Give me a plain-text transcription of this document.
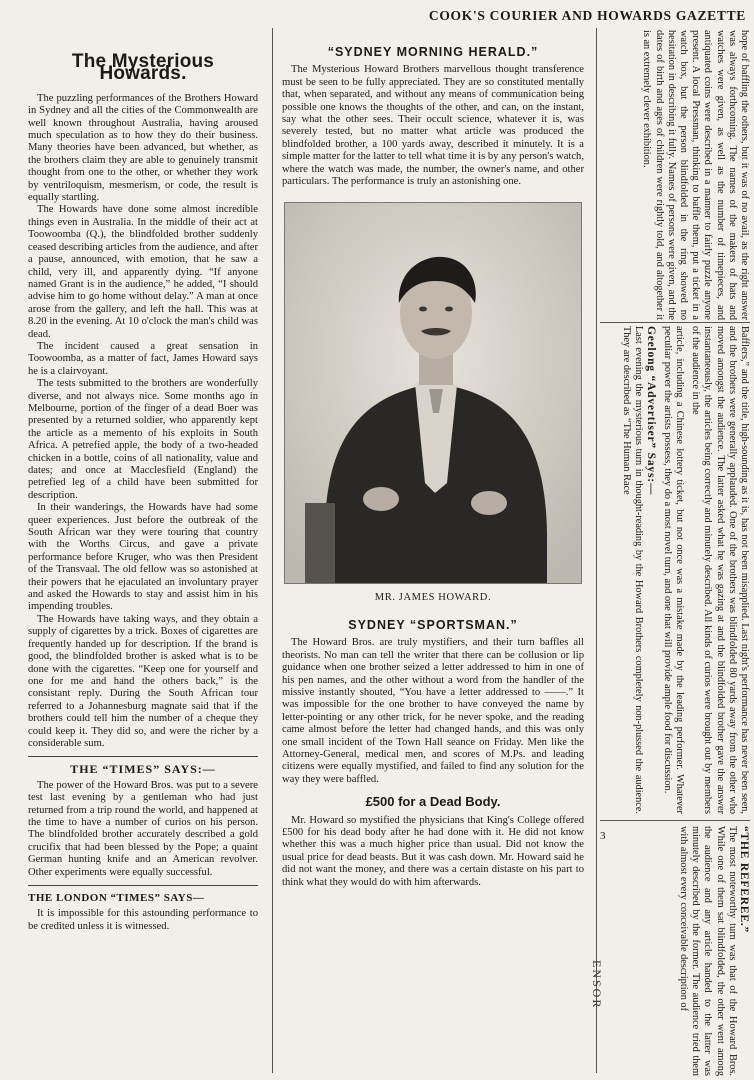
COOK'S COURIER AND HOWARDS GAZETTE
The Mysterious Howards.

The puzzling performances of the Brothers Howard in Sydney and all the cities of the Commonwealth are well known throughout Australia, having aroused much speculation as to how they do their business. Many theories have been advanced, but whether, as the brothers claim they are able to genuinely transmit thought from one to the other, or whether they work by ventriloquism, mesmerism, or code, the result is equally startling.

The Howards have done some almost incredible things even in Australia. In the middle of their act at Toowoomba (Q.), the blindfolded brother suddenly ceased describing articles from the audience, and after a pause, announced, with emotion, that he saw a child, very ill, and apparently dying. “If anyone named Grant is in the audience,” he added, “I should advise him to go home without delay.” A man at once arose from the gallery, and left the hall. This was at 8.20 in the evening. At 10 o'clock the man's child was dead.

The incident caused a great sensation in Toowoomba, as a matter of fact, James Howard says he is a clairvoyant.

The tests submitted to the brothers are wonderfully diverse, and not always nice. Some months ago in Melbourne, portion of the finger of a dead Boer was presented by a returned soldier, who apparently kept the article as a memento of his exploits in South Africa. A petrefied apple, the body of a two-headed chicken in a bottle, coins of all nationality, value and dates; and once at Macclesfield (England) the petrefied leg of a child have been submitted for description.

In their wanderings, the Howards have had some queer experiences. Just before the outbreak of the South African war they were touring that country with the Worths Circus, and gave a private performance before Kruger, who was then President of the Transvaal. The old fellow was so astonished at their powers that he ejaculated an involuntary prayer and asked the Howards to stay and assist him in his impending troubles.

The Howards have taking ways, and they obtain a supply of cigarettes by a trick. Boxes of cigarettes are frequently handed up for description. If the brand is good, the blindfolded brother is asked what is to be done with the cigarettes. “Keep one for yourself and one for me and hand the others back,” is the consistant reply. During the South African tour referred to a Johannesburg magnate said that if the brothers could tell him the number of a cheque they could keep it. They did so, and were the richer by a considerable sum.

THE “TIMES” SAYS:—

The power of the Howard Bros. was put to a severe test last evening by a gentleman who had just returned from a trip round the world, and happened at the time to have a number of curios on his person. The blindfolded brother accurately described a gold crucifix that had been blessed by the Pope; a quaint German hunting knife and an American revolver. Other experiments were equally successful.

THE LONDON “TIMES” SAYS—

It is impossible for this astounding performance to be credited unless it is witnessed.

“SYDNEY MORNING HERALD.”

The Mysterious Howard Brothers marvellous thought transference must be seen to be fully appreciated. They are so constituted mentally that, when separated, and without any means of communication being possible one knows the thoughts of the other, and can, on the instant, say what the other sees. Their occult science, whatever it is, was severely tested, but no matter what article was produced the blindfolded brother, a 100 yards away, described it minutely. It is a simple matter for the latter to tell what time it is by any person's watch, where the watch was made, the number, the owner's name, and other particulars. The performance is truly an astonishing one.

MR. JAMES HOWARD.
SYDNEY “SPORTSMAN.”

The Howard Bros. are truly mystifiers, and their turn baffles all theorists. No man can tell the writer that there can be collusion or lip guidance when one brother seized a letter addressed to him in one of his pen names, and the other without a word from the handler of the missive instantly shouted, “You have a letter addressed to ——.” It was impossible for the one brother to have conveyed the name by letter-pointing or any other trick, for he never spoke, and the reading came almost before the letter had changed hands, and this was only one small incident of the Town Hall seance on Friday. Men like the Attorney-General, medical men, and scores of M.Ps. and leading citizens were equally mystified, and failed to find any solution for the way they were baffled.

£500 for a Dead Body.

Mr. Howard so mystified the physicians that King's College offered £500 for his dead body after he had done with it. He did not know whether this was a much higher price than usual. Did not know the usual price for dead beasts. But it was cash down. Mr. Howard said he did not want the money, and there was a certain distaste on his part to think what they would do with him afterwards.

hope of baffling the others, but it was of no avail, as the right answer was always forthcoming. The names of the makers of hats and watches were given, as well as the number of timepieces, and antiquated coins were described in a manner to fairly puzzle anyone present. A local Pressman, thinking to baffle them, put a ticket in a watch box, but the person blindfolded in the ring showed no hesitation in describing it fully. Names of persons were given, and the dates of birth and ages of children were rightly told, and altogether it is an extremely clever exhibition.

Bafflers,” and the title, high-sounding as it is, has not been misapplied. Last night's performance has never been seen, and the brothers were generally applauded. One of the brothers was blindfolded 80 yards away from the other who moved amongst the audience. The latter asked what he was gazing at and the blindfolded brother gave the answer instantaneously, the articles being correctly and minutely described. All kinds of curios were brought out by members of the audience in the

article, including a Chinese lottery ticket, but not once was a mistake made by the leading performer. Whatever peculiar power the artists possess, they do a most novel turn, and one that will provide ample food for discussion.

Geelong “Advertiser” Says:—

Last evening the mysterious turn in thought-reading by the Howard Brothers completely non-plussed the audience. They are described as “The Human Race

“THE REFEREE.”

The most noteworthy turn was that of the Howard Bros. While one of them sat blindfolded, the other went among the audience and any article handed to the latter was minutely described by the former. The audience tried them with almost every conceivable description of

3
ENSOR
